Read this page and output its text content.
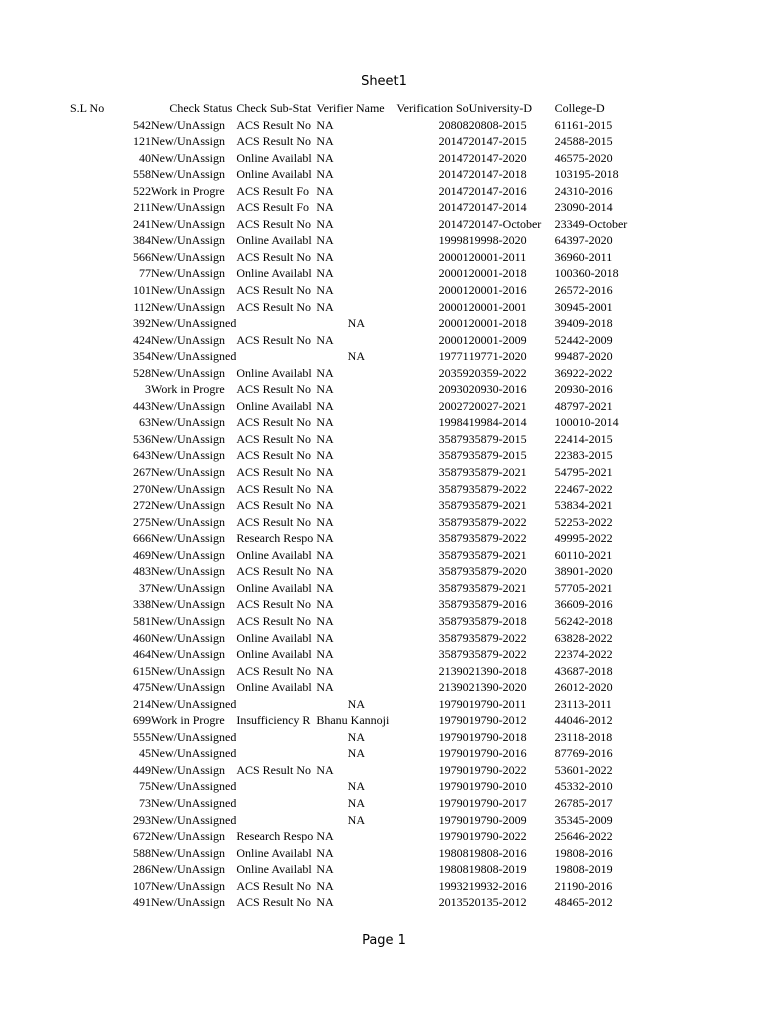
Sheet1
S.L No	Check Status	Check Sub-Stat	Verifier Name	Verification So	University-D	College-D
542	New/UnAssign	ACS Result No	NA	20808	20808-2015	61161-2015
121	New/UnAssign	ACS Result No	NA	20147	20147-2015	24588-2015
40	New/UnAssign	Online Availabl	NA	20147	20147-2020	46575-2020
558	New/UnAssign	Online Availabl	NA	20147	20147-2018	103195-2018
522	Work in Progre	ACS Result Fo	NA	20147	20147-2016	24310-2016
211	New/UnAssign	ACS Result Fo	NA	20147	20147-2014	23090-2014
241	New/UnAssign	ACS Result No	NA	20147	20147-October	23349-October
384	New/UnAssign	Online Availabl	NA	19998	19998-2020	64397-2020
566	New/UnAssign	ACS Result No	NA	20001	20001-2011	36960-2011
77	New/UnAssign	Online Availabl	NA	20001	20001-2018	100360-2018
101	New/UnAssign	ACS Result No	NA	20001	20001-2016	26572-2016
112	New/UnAssign	ACS Result No	NA	20001	20001-2001	30945-2001
392	New/UnAssigned		NA	20001	20001-2018	39409-2018
424	New/UnAssign	ACS Result No	NA	20001	20001-2009	52442-2009
354	New/UnAssigned		NA	19771	19771-2020	99487-2020
528	New/UnAssign	Online Availabl	NA	20359	20359-2022	36922-2022
3	Work in Progre	ACS Result No	NA	20930	20930-2016	20930-2016
443	New/UnAssign	Online Availabl	NA	20027	20027-2021	48797-2021
63	New/UnAssign	ACS Result No	NA	19984	19984-2014	100010-2014
536	New/UnAssign	ACS Result No	NA	35879	35879-2015	22414-2015
643	New/UnAssign	ACS Result No	NA	35879	35879-2015	22383-2015
267	New/UnAssign	ACS Result No	NA	35879	35879-2021	54795-2021
270	New/UnAssign	ACS Result No	NA	35879	35879-2022	22467-2022
272	New/UnAssign	ACS Result No	NA	35879	35879-2021	53834-2021
275	New/UnAssign	ACS Result No	NA	35879	35879-2022	52253-2022
666	New/UnAssign	Research Respo	NA	35879	35879-2022	49995-2022
469	New/UnAssign	Online Availabl	NA	35879	35879-2021	60110-2021
483	New/UnAssign	ACS Result No	NA	35879	35879-2020	38901-2020
37	New/UnAssign	Online Availabl	NA	35879	35879-2021	57705-2021
338	New/UnAssign	ACS Result No	NA	35879	35879-2016	36609-2016
581	New/UnAssign	ACS Result No	NA	35879	35879-2018	56242-2018
460	New/UnAssign	Online Availabl	NA	35879	35879-2022	63828-2022
464	New/UnAssign	Online Availabl	NA	35879	35879-2022	22374-2022
615	New/UnAssign	ACS Result No	NA	21390	21390-2018	43687-2018
475	New/UnAssign	Online Availabl	NA	21390	21390-2020	26012-2020
214	New/UnAssigned		NA	19790	19790-2011	23113-2011
699	Work in Progre	Insufficiency R	Bhanu Kannoji	19790	19790-2012	44046-2012
555	New/UnAssigned		NA	19790	19790-2018	23118-2018
45	New/UnAssigned		NA	19790	19790-2016	87769-2016
449	New/UnAssign	ACS Result No	NA	19790	19790-2022	53601-2022
75	New/UnAssigned		NA	19790	19790-2010	45332-2010
73	New/UnAssigned		NA	19790	19790-2017	26785-2017
293	New/UnAssigned		NA	19790	19790-2009	35345-2009
672	New/UnAssign	Research Respo	NA	19790	19790-2022	25646-2022
588	New/UnAssign	Online Availabl	NA	19808	19808-2016	19808-2016
286	New/UnAssign	Online Availabl	NA	19808	19808-2019	19808-2019
107	New/UnAssign	ACS Result No	NA	19932	19932-2016	21190-2016
491	New/UnAssign	ACS Result No	NA	20135	20135-2012	48465-2012
Page 1
